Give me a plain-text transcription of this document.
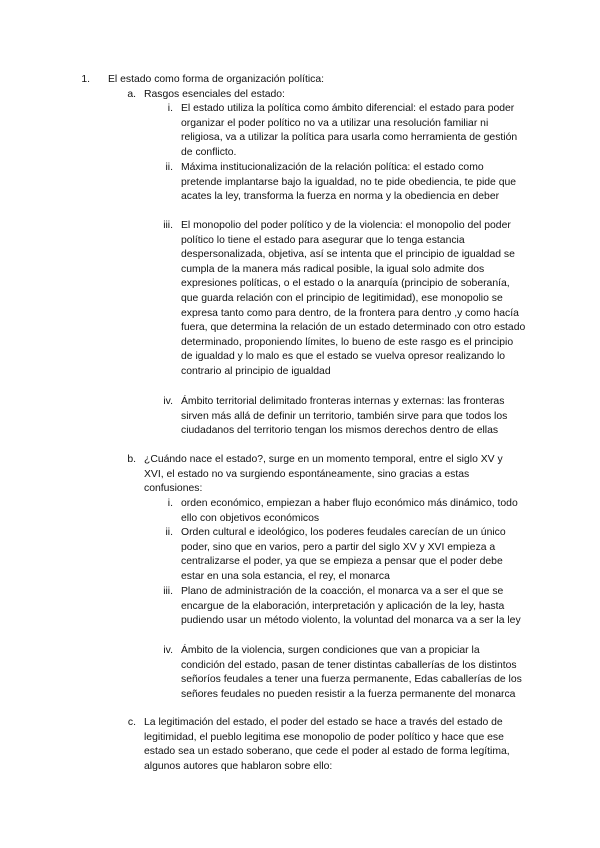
1.	El estado como forma de organización política:
a. Rasgos esenciales del estado:
i. El estado utiliza la política como ámbito diferencial: el estado para poder organizar el poder político no va a utilizar una resolución familiar ni religiosa, va a utilizar la política para usarla como herramienta de gestión de conflicto.
ii. Máxima institucionalización de la relación política: el estado como pretende implantarse bajo la igualdad, no te pide obediencia, te pide que acates la ley, transforma la fuerza en norma y la obediencia en deber
iii. El monopolio del poder político y de la violencia: el monopolio del poder político lo tiene el estado para asegurar que lo tenga estancia despersonalizada, objetiva, así se intenta que el principio de igualdad se cumpla de la manera más radical posible, la igual solo admite dos expresiones políticas, o el estado o la anarquía (principio de soberanía, que guarda relación con el principio de legitimidad), ese monopolio se expresa tanto como para dentro, de la frontera para dentro ,y como hacía fuera, que determina la relación de un estado determinado con otro estado determinado, proponiendo límites, lo bueno de este rasgo es el principio de igualdad y lo malo es que el estado se vuelva opresor realizando lo contrario al principio de igualdad
iv. Ámbito territorial delimitado fronteras internas y externas: las fronteras sirven más allá de definir un territorio, también sirve para que todos los ciudadanos del territorio tengan los mismos derechos dentro de ellas
b. ¿Cuándo nace el estado?, surge en un momento temporal, entre el siglo XV y XVI, el estado no va surgiendo espontáneamente, sino gracias a estas confusiones:
i. orden económico, empiezan a haber flujo económico más dinámico, todo ello con objetivos económicos
ii. Orden cultural e ideológico, los poderes feudales carecían de un único poder, sino que en varios, pero a partir del siglo XV y XVI empieza a centralizarse el poder, ya que se empieza a pensar que el poder debe estar en una sola estancia, el rey, el monarca
iii. Plano de administración de la coacción, el monarca va a ser el que se encargue de la elaboración, interpretación y aplicación de la ley, hasta pudiendo usar un método violento, la voluntad del monarca va a ser la ley
iv. Ámbito de la violencia, surgen condiciones que van a propiciar la condición del estado, pasan de tener distintas caballerías de los distintos señoríos feudales a tener una fuerza permanente, Edas caballerías de los señores feudales no pueden resistir a la fuerza permanente del monarca
c. La legitimación del estado, el poder del estado se hace a través del estado de legitimidad, el pueblo legitima ese monopolio de poder político y hace que ese estado sea un estado soberano, que cede el poder al estado de forma legítima, algunos autores que hablaron sobre ello:
